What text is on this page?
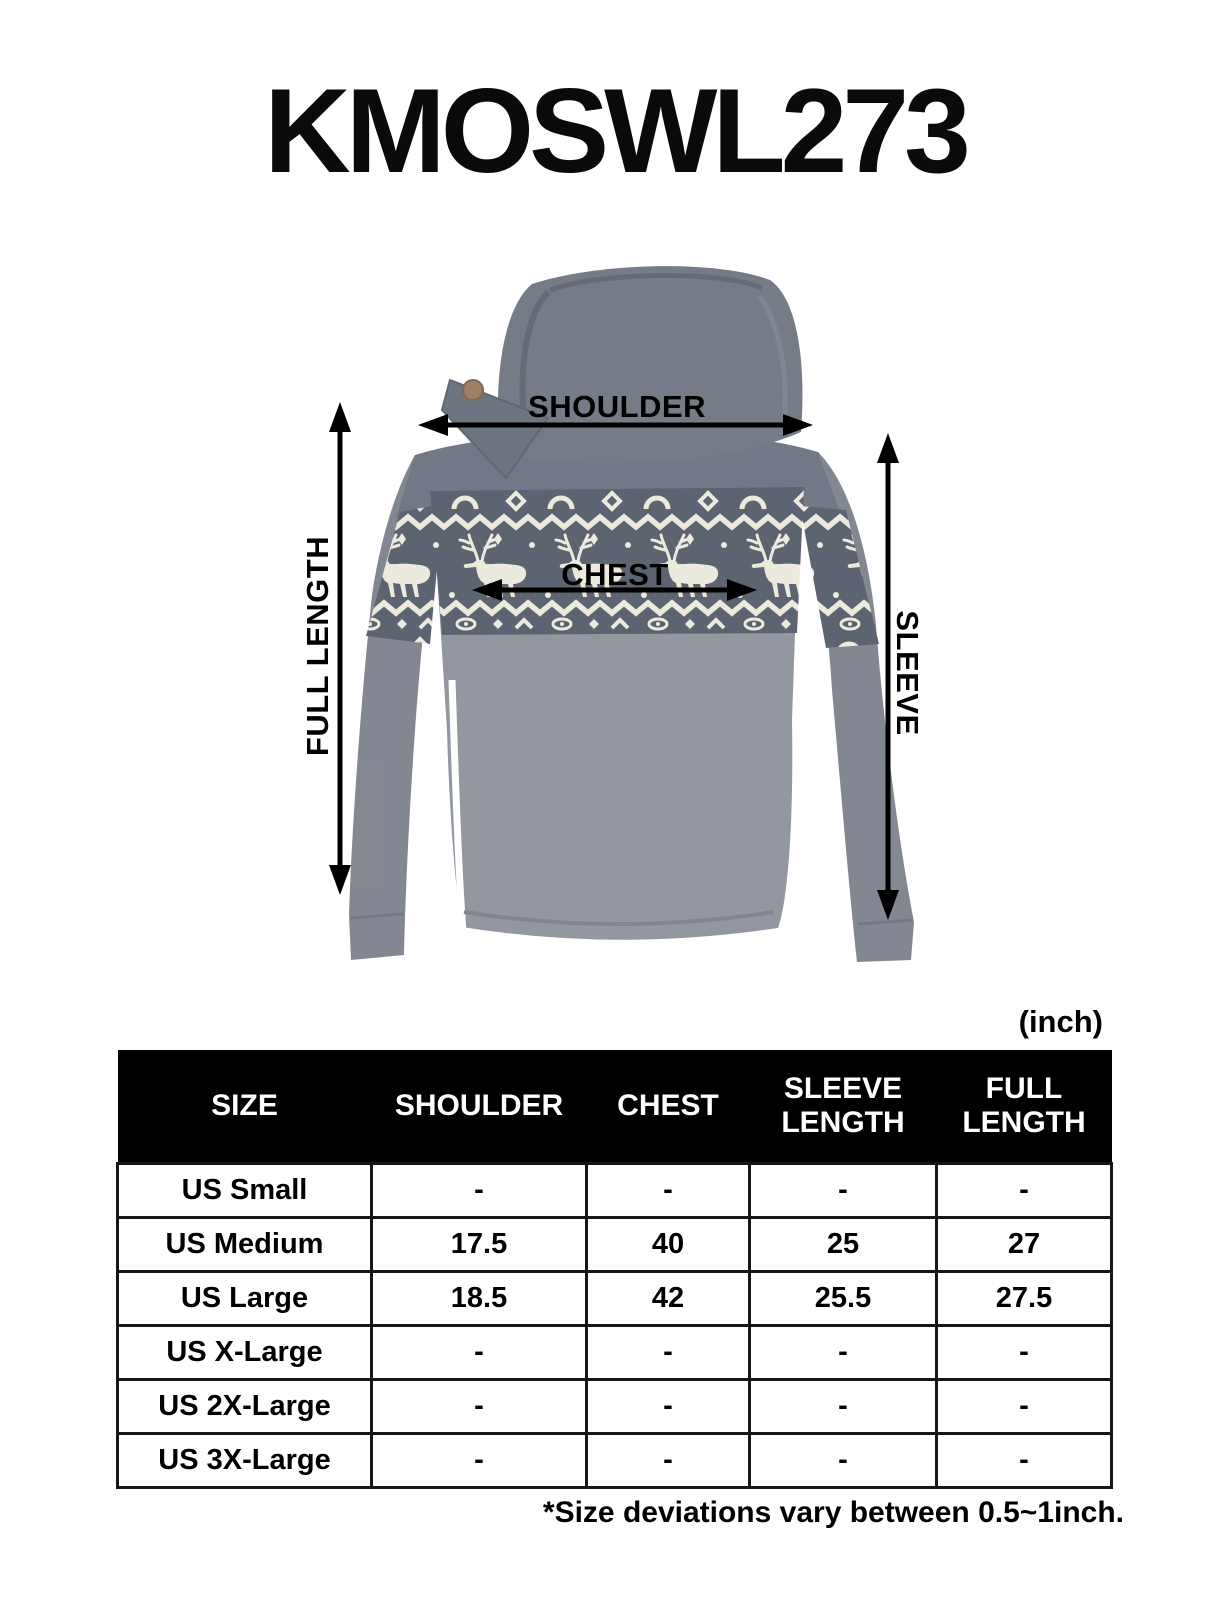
KMOSWL273
SHOULDER
CHEST
FULL LENGTH	SLEEVE
(inch)
SIZE	SHOULDER	CHEST	SLEEVE LENGTH	FULL LENGTH
US Small	-	-	-	-
US Medium	17.5	40	25	27
US Large	18.5	42	25.5	27.5
US X-Large	-	-	-	-
US 2X-Large	-	-	-	-
US 3X-Large	-	-	-	-
*Size deviations vary between 0.5~1inch.
